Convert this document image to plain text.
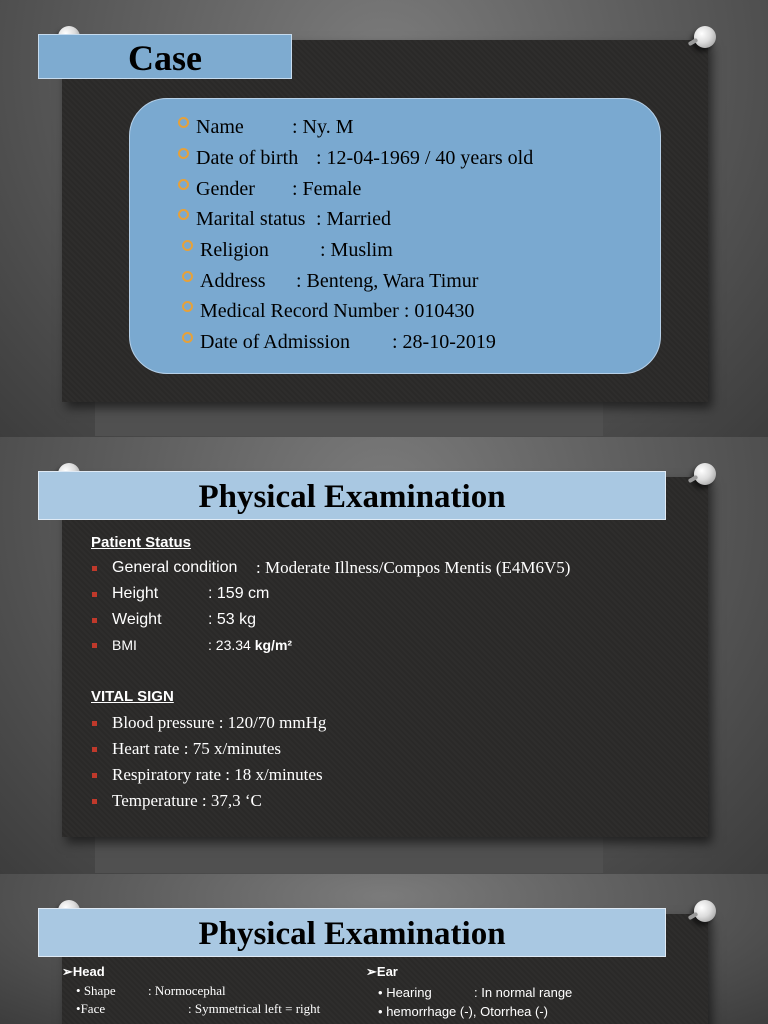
Case
Name : Ny. M
Date of birth : 12-04-1969 / 40 years old
Gender : Female
Marital status : Married
Religion	: Muslim
Address : Benteng, Wara Timur
Medical Record Number : 010430
Date of Admission : 28-10-2019
Physical Examination
Patient Status
General condition : Moderate Illness/Compos Mentis (E4M6V5)
Height	: 159 cm
Weight	: 53 kg
BMI	: 23.34 kg/m²
VITAL SIGN
Blood pressure : 120/70 mmHg
Heart rate : 75 x/minutes
Respiratory rate : 18 x/minutes
Temperature : 37,3 ‘C
Physical Examination
➢Head
• Shape : Normocephal
•Face	: Symmetrical left = right
➢Ear
• Hearing	: In normal range
• hemorrhage (-), Otorrhea (-)
